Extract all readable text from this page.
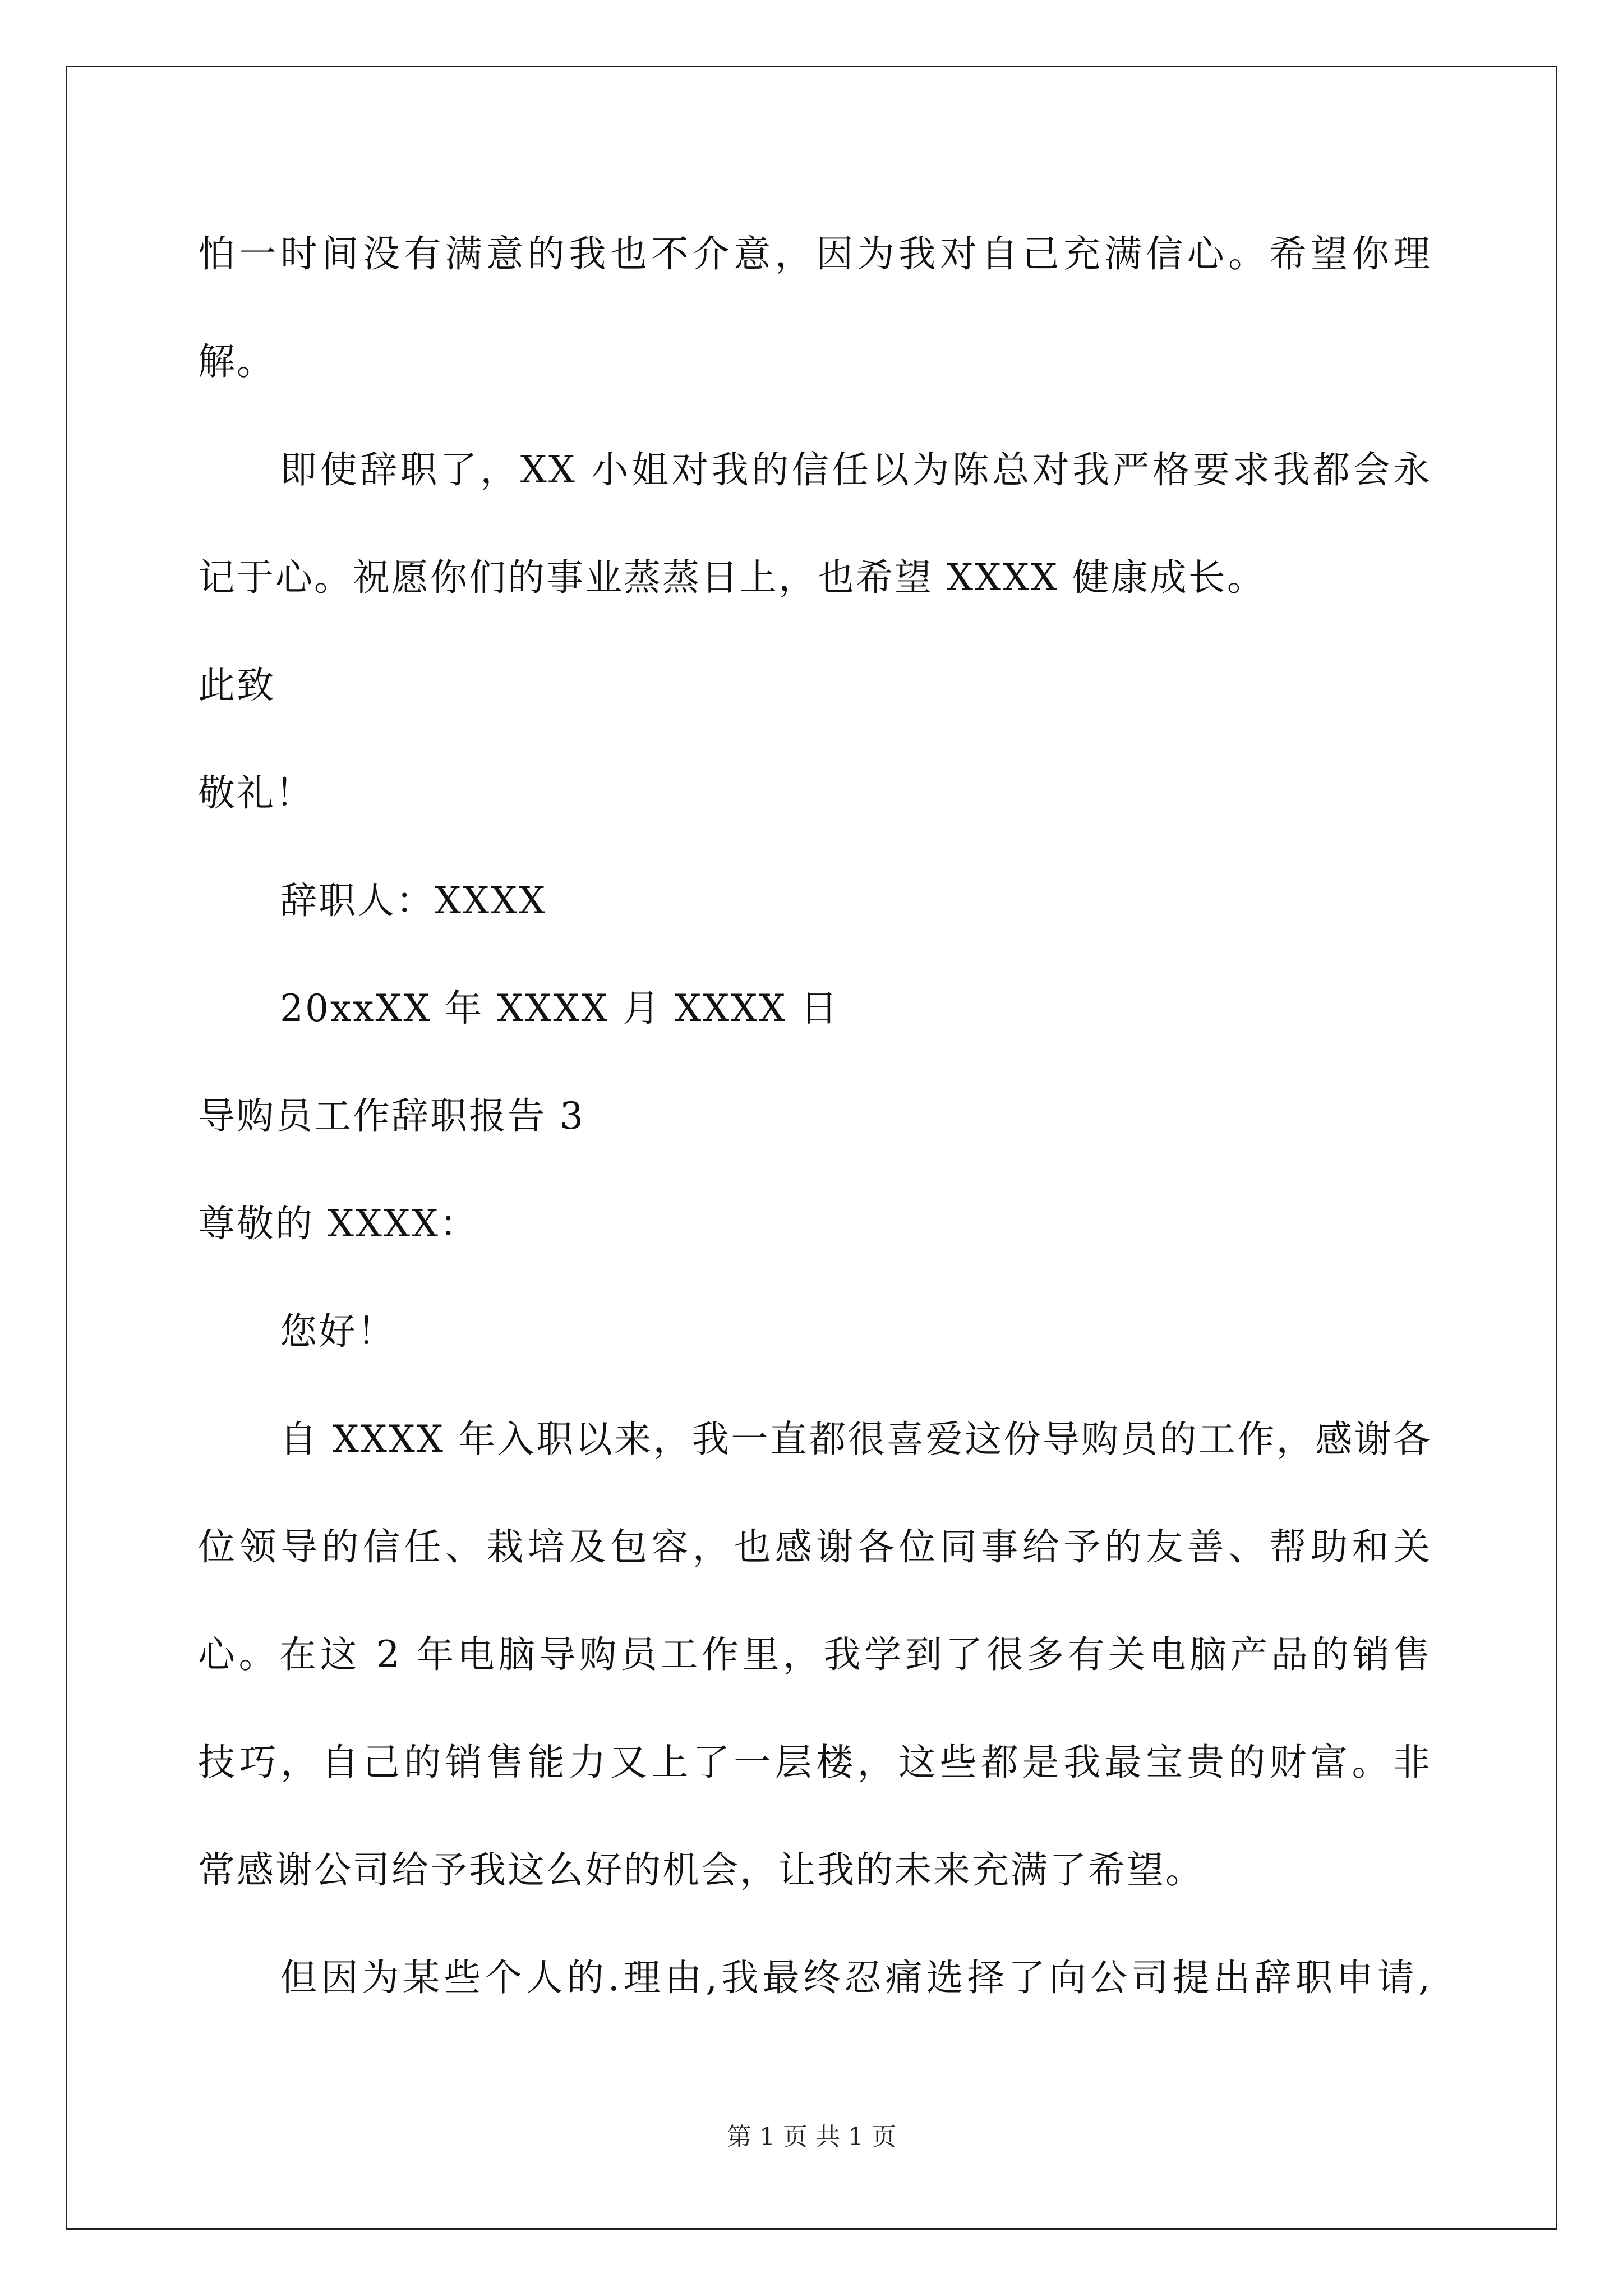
怕一时间没有满意的我也不介意，因为我对自己充满信心。希望你理
解。
即使辞职了，XX 小姐对我的信任以为陈总对我严格要求我都会永
记于心。祝愿你们的事业蒸蒸日上，也希望 XXXX 健康成长。
此致
敬礼！
辞职人：XXXX
20xxXX 年 XXXX 月 XXXX 日
导购员工作辞职报告 3
尊敬的 XXXX：
您好！
自 XXXX 年入职以来，我一直都很喜爱这份导购员的工作，感谢各
位领导的信任、栽培及包容，也感谢各位同事给予的友善、帮助和关
心。在这 2 年电脑导购员工作里，我学到了很多有关电脑产品的销售
技巧，自己的销售能力又上了一层楼，这些都是我最宝贵的财富。非
常感谢公司给予我这么好的机会，让我的未来充满了希望。
但因为某些个人的.理由,我最终忍痛选择了向公司提出辞职申请,
第 1 页 共 1 页
